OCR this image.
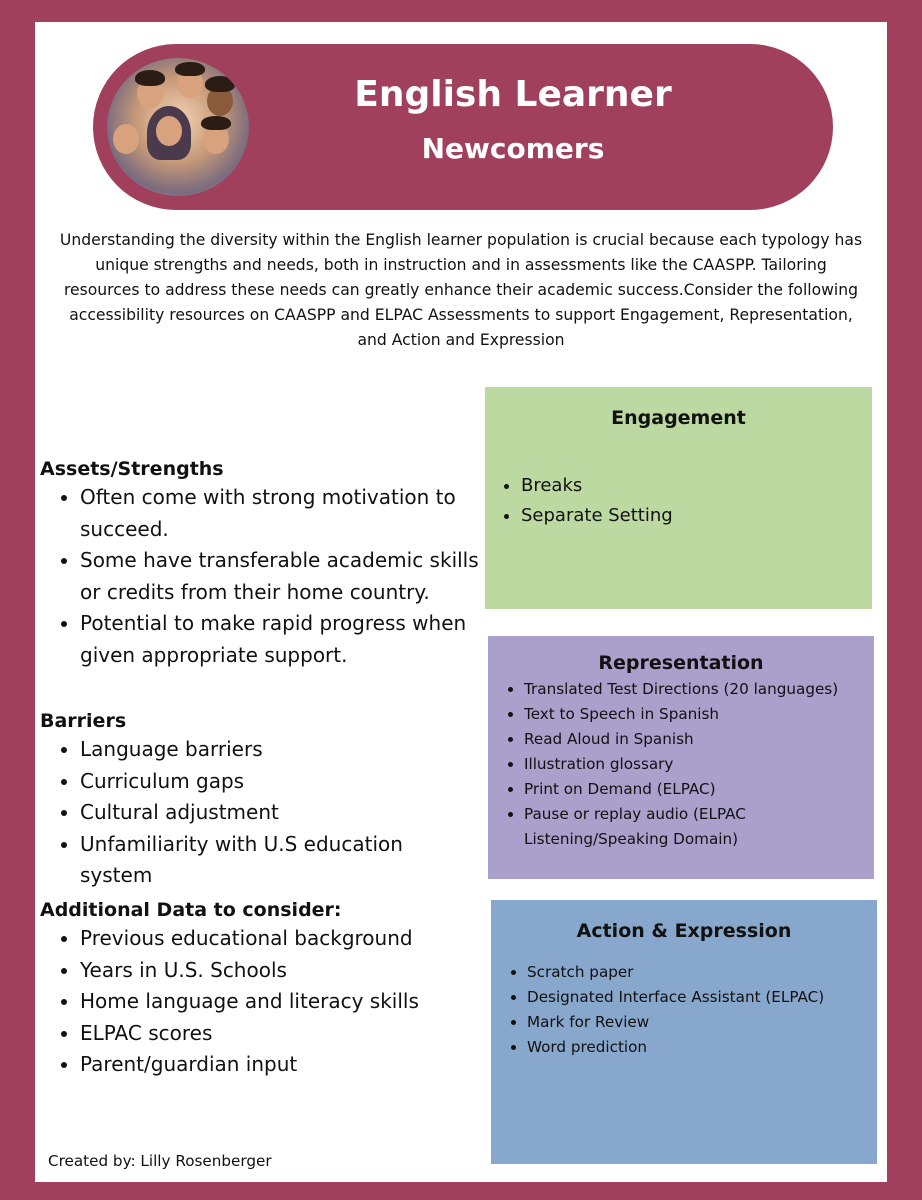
English Learner
Newcomers

Understanding the diversity within the English learner population is crucial because each typology has unique strengths and needs, both in instruction and in assessments like the CAASPP. Tailoring resources to address these needs can greatly enhance their academic success.Consider the following accessibility resources on CAASPP and ELPAC Assessments to support Engagement, Representation, and Action and Expression

Assets/Strengths
• Often come with strong motivation to succeed.
• Some have transferable academic skills or credits from their home country.
• Potential to make rapid progress when given appropriate support.
Barriers
• Language barriers
• Curriculum gaps
• Cultural adjustment
• Unfamiliarity with U.S education system
Additional Data to consider:
• Previous educational background
• Years in U.S. Schools
• Home language and literacy skills
• ELPAC scores
• Parent/guardian input
Engagement
• Breaks
• Separate Setting
Representation
• Translated Test Directions (20 languages)
• Text to Speech in Spanish
• Read Aloud in Spanish
• Illustration glossary
• Print on Demand (ELPAC)
• Pause or replay audio (ELPAC Listening/Speaking Domain)
Action & Expression
• Scratch paper
• Designated Interface Assistant (ELPAC)
• Mark for Review
• Word prediction
Created by: Lilly Rosenberger
